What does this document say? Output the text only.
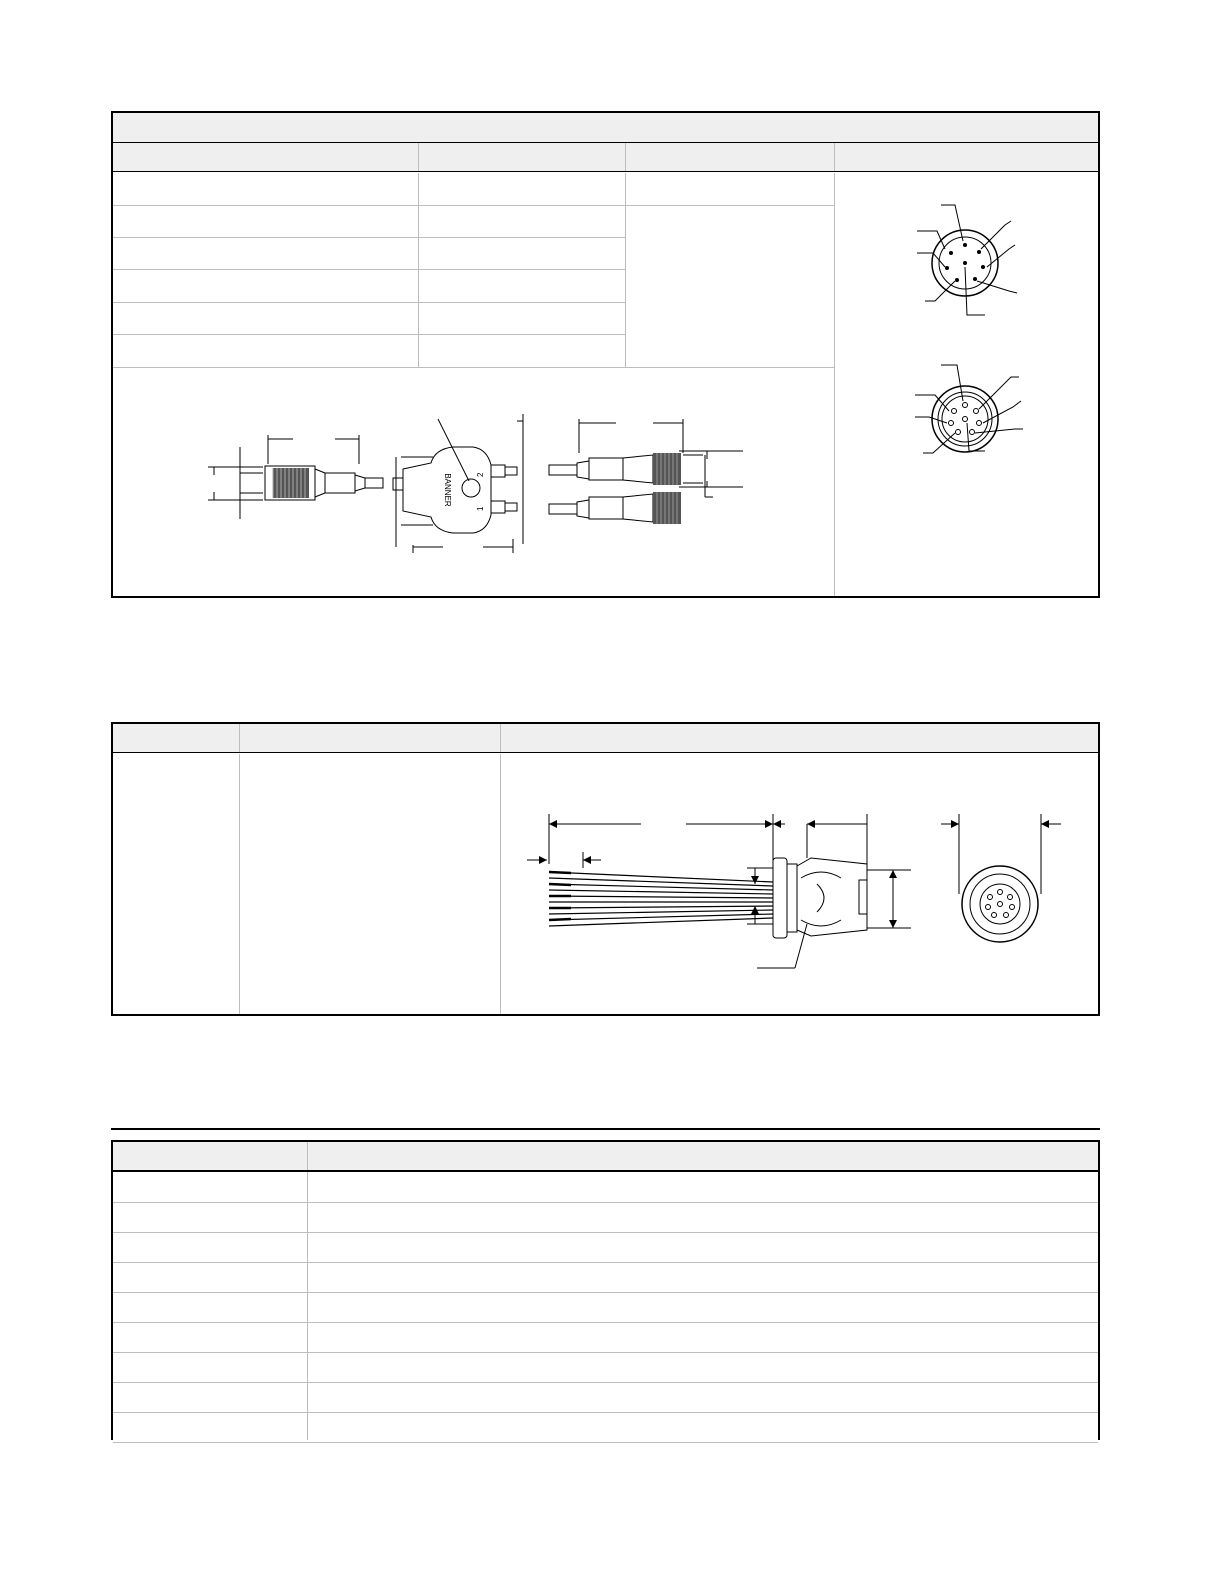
BANNER	2
1
